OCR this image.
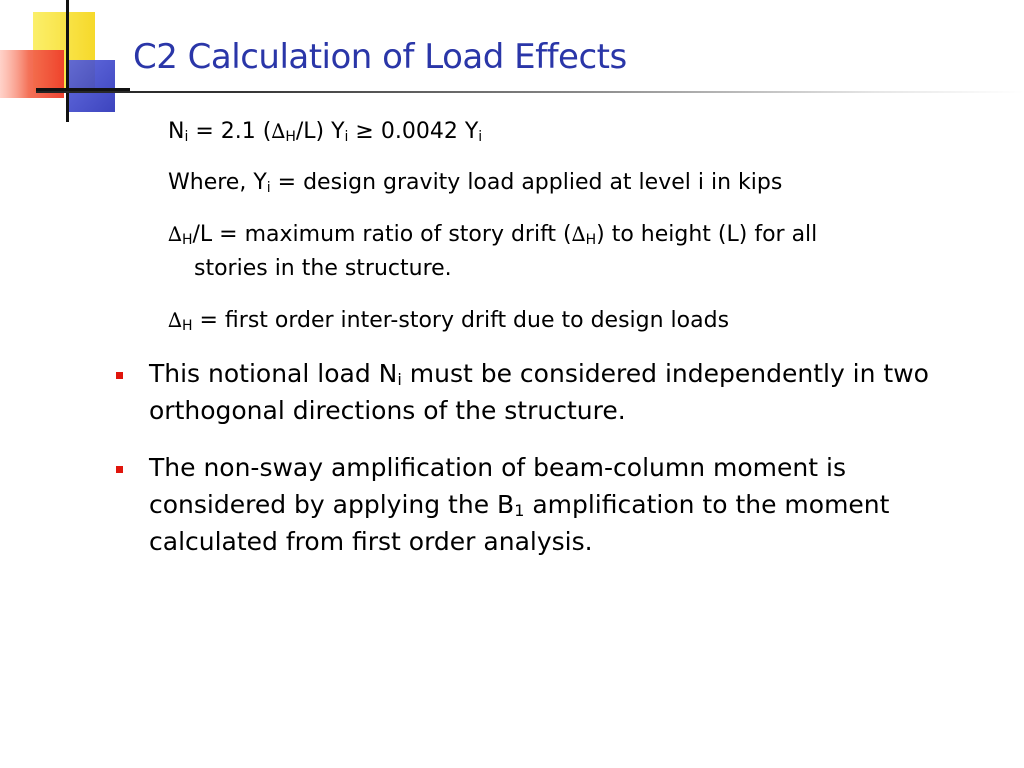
C2 Calculation of Load Effects
$N_i = 2.1$ $(\Delta_H/L) Y_i \ge 0.0042$ $Y_i$
Where, $Y_i$ = design gravity load applied at level i in kips
$\Delta_H/L$ = maximum ratio of story drift $(\Delta_H)$ to height (L) for all
stories in the structure.
$\Delta_H$ = first order inter-story drift due to design loads
This notional load $N_i$ must be considered independently in two orthogonal directions of the structure.
The non-sway amplification of beam-column moment is considered by applying the $B_1$ amplification to the moment calculated from first order analysis.
